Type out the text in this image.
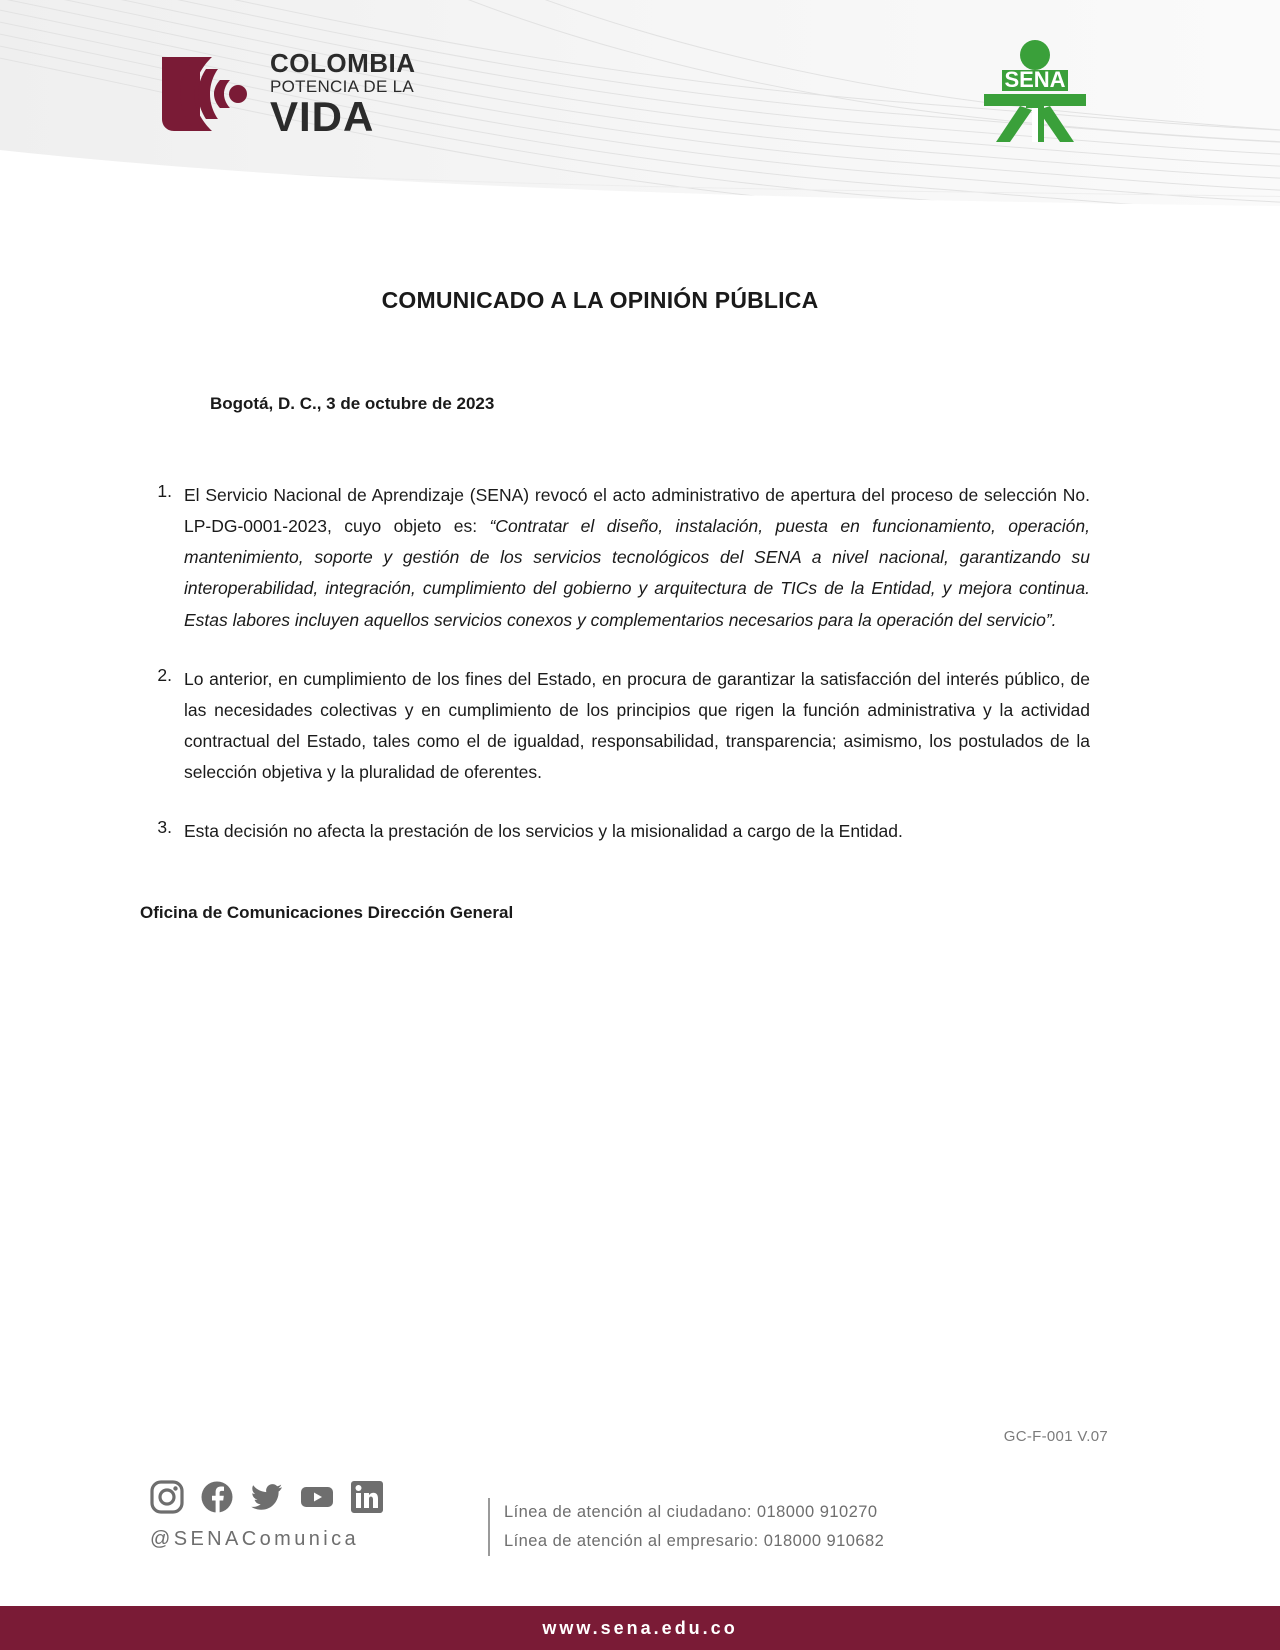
COLOMBIA
POTENCIA DE LA
VIDA
SENA
COMUNICADO A LA OPINIÓN PÚBLICA
Bogotá, D. C., 3 de octubre de 2023
1. El Servicio Nacional de Aprendizaje (SENA) revocó el acto administrativo de apertura del proceso de selección No. LP-DG-0001-2023, cuyo objeto es: “Contratar el diseño, instalación, puesta en funcionamiento, operación, mantenimiento, soporte y gestión de los servicios tecnológicos del SENA a nivel nacional, garantizando su interoperabilidad, integración, cumplimiento del gobierno y arquitectura de TICs de la Entidad, y mejora continua. Estas labores incluyen aquellos servicios conexos y complementarios necesarios para la operación del servicio”.
2. Lo anterior, en cumplimiento de los fines del Estado, en procura de garantizar la satisfacción del interés público, de las necesidades colectivas y en cumplimiento de los principios que rigen la función administrativa y la actividad contractual del Estado, tales como el de igualdad, responsabilidad, transparencia; asimismo, los postulados de la selección objetiva y la pluralidad de oferentes.
3. Esta decisión no afecta la prestación de los servicios y la misionalidad a cargo de la Entidad.
Oficina de Comunicaciones Dirección General
GC-F-001 V.07
@SENAComunica
Línea de atención al ciudadano: 018000 910270
Línea de atención al empresario: 018000 910682
www.sena.edu.co
